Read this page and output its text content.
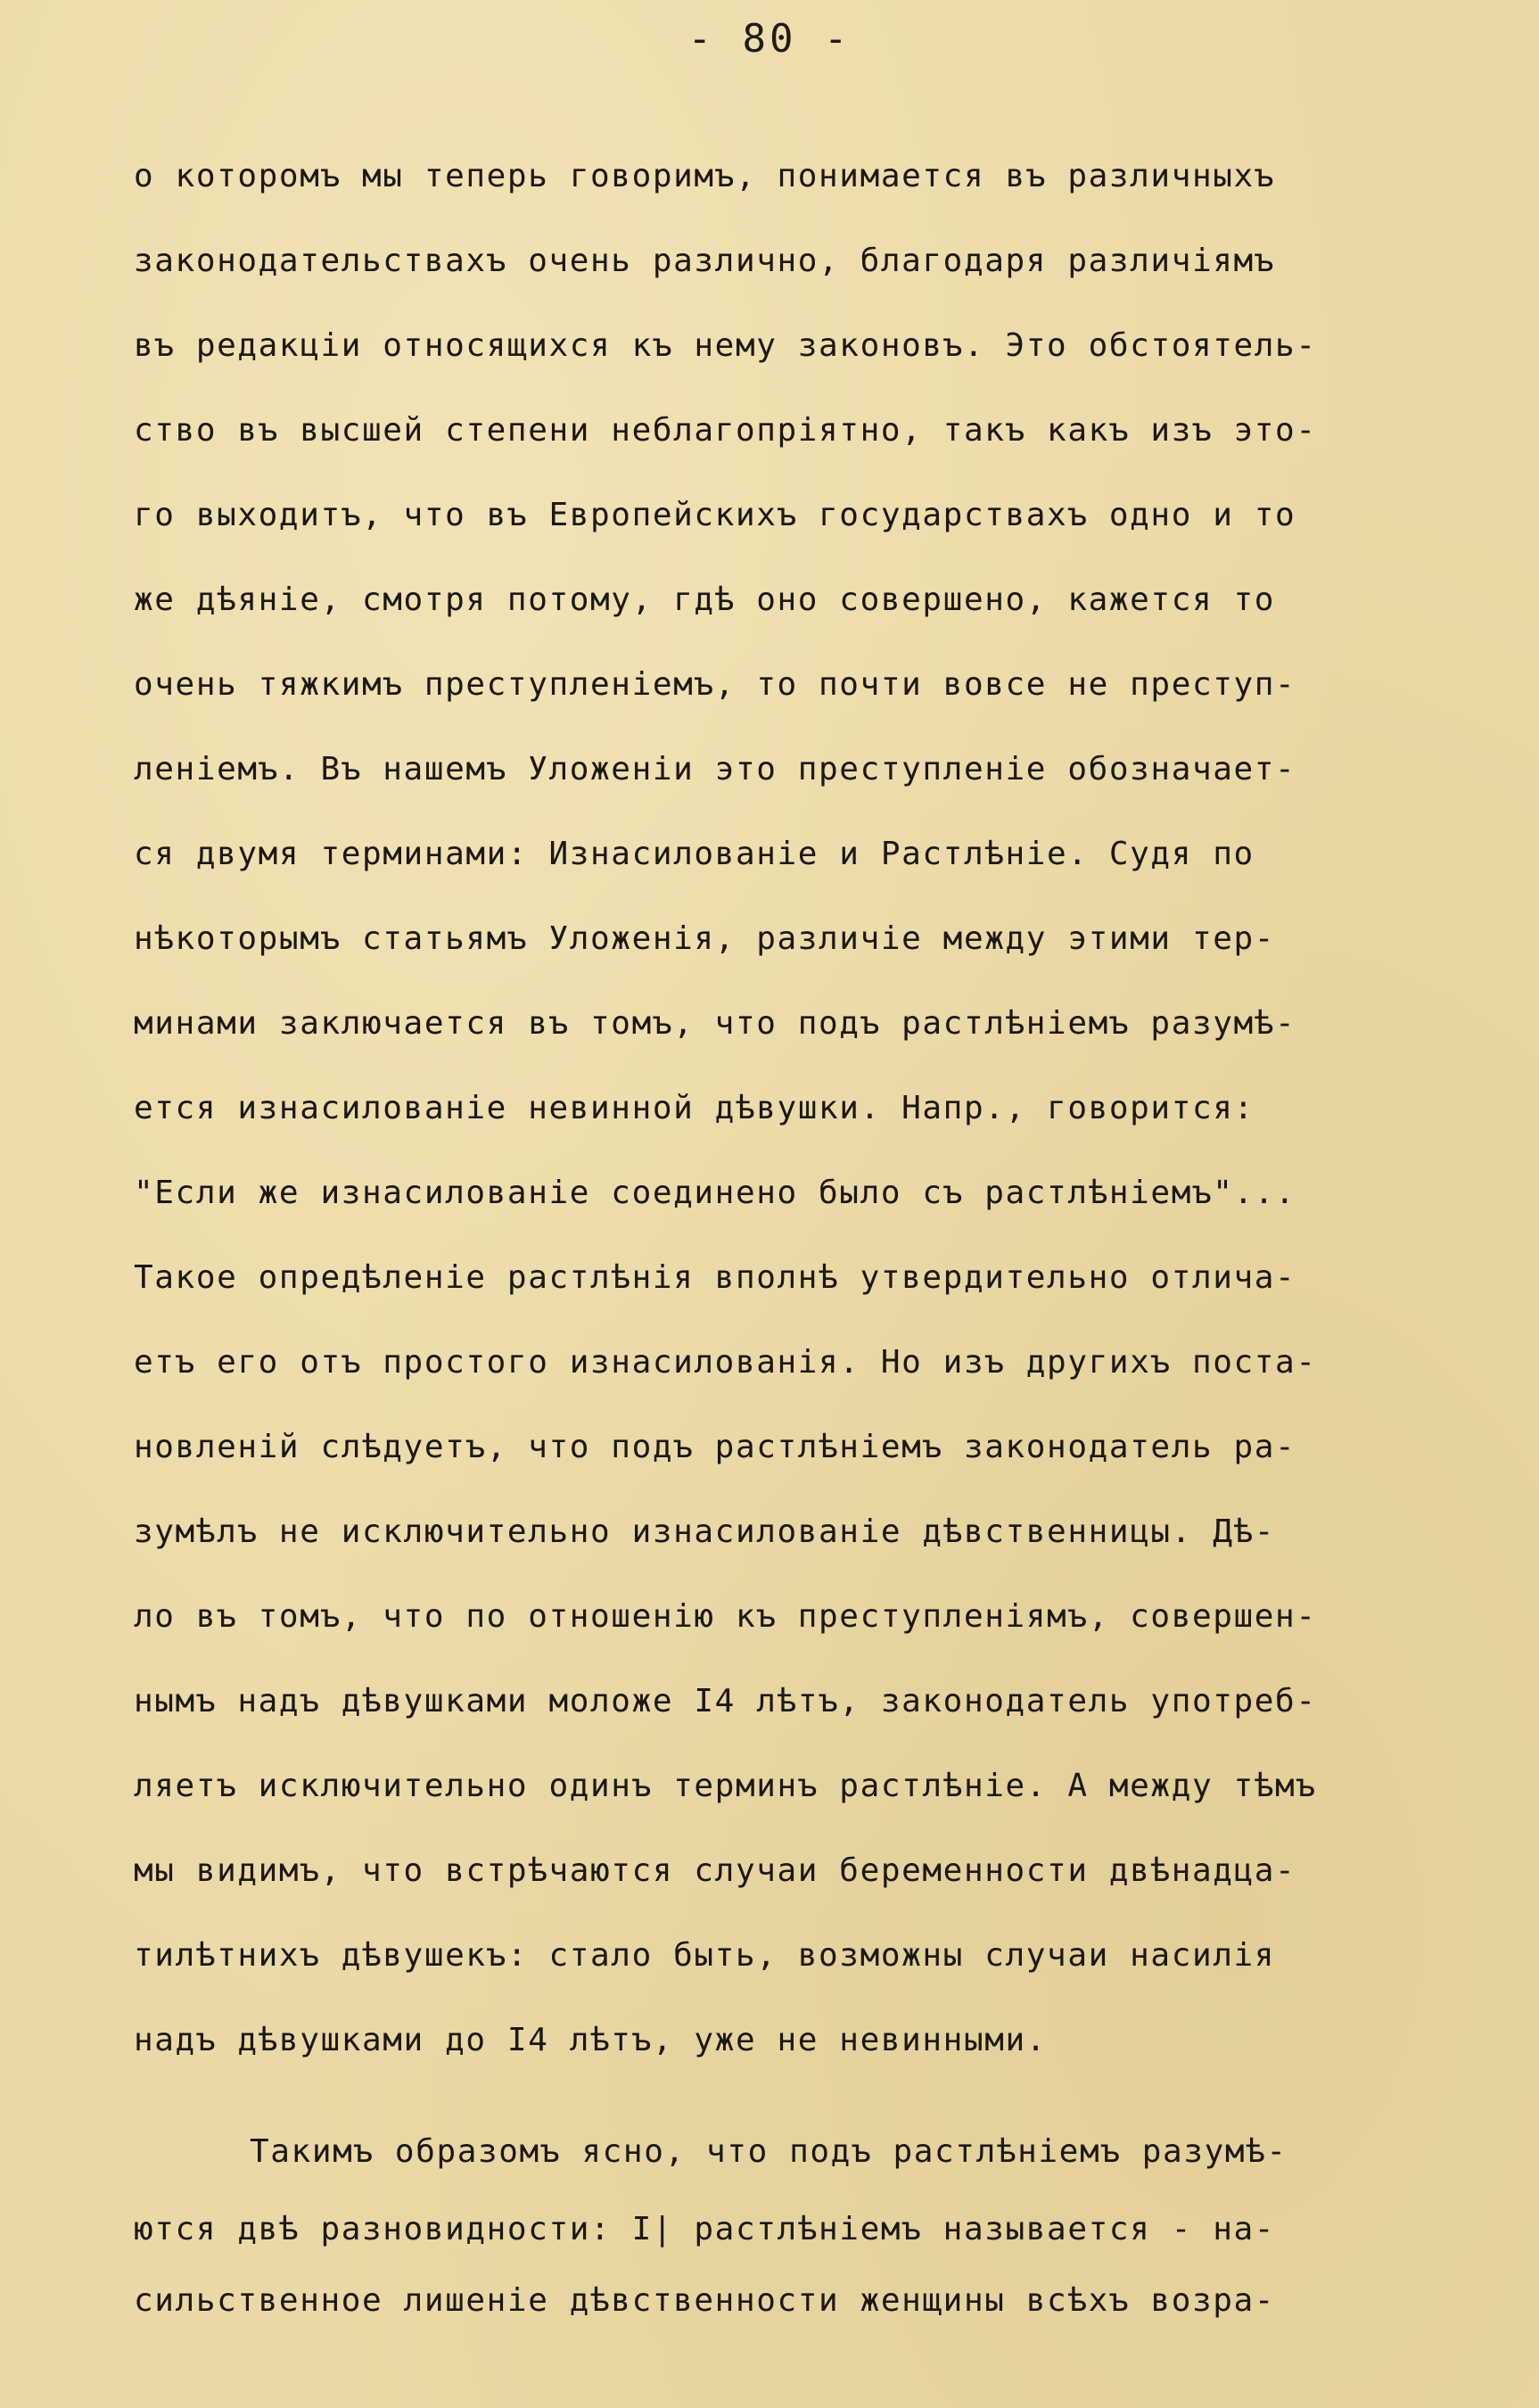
- 80 -
о которомъ мы теперь говоримъ, понимается въ различныхъ
законодательствахъ очень различно, благодаря различiямъ
въ редакцiи относящихся къ нему законовъ. Это обстоятель-
ство въ высшей степени неблагопрiятно, такъ какъ изъ это-
го выходитъ, что въ Европейскихъ государствахъ одно и то
же дѣянiе, смотря потому, гдѣ оно совершено, кажется то
очень тяжкимъ преступленiемъ, то почти вовсе не преступ-
ленiемъ. Въ нашемъ Уложенiи это преступленiе обозначает-
ся двумя терминами: Изнасилованiе и Растлѣнiе. Судя по
нѣкоторымъ статьямъ Уложенiя, различiе между этими тер-
минами заключается въ томъ, что подъ растлѣнiемъ разумѣ-
ется изнасилованiе невинной дѣвушки. Напр., говорится:
"Если же изнасилованiе соединено было съ растлѣнiемъ"...
Такое опредѣленiе растлѣнiя вполнѣ утвердительно отлича-
етъ его отъ простого изнасилованiя. Но изъ другихъ поста-
новленiй слѣдуетъ, что подъ растлѣнiемъ законодатель ра-
зумѣлъ не исключительно изнасилованiе дѣвственницы. Дѣ-
ло въ томъ, что по отношенiю къ преступленiямъ, совершен-
нымъ надъ дѣвушками моложе I4 лѣтъ, законодатель употреб-
ляетъ исключительно одинъ терминъ растлѣнiе. А между тѣмъ
мы видимъ, что встрѣчаются случаи беременности двѣнадца-
тилѣтнихъ дѣвушекъ: стало быть, возможны случаи насилiя
надъ дѣвушками до I4 лѣтъ, уже не невинными.
Такимъ образомъ ясно, что подъ растлѣнiемъ разумѣ-
ются двѣ разновидности: I| растлѣнiемъ называется - на-
сильственное лишенiе дѣвственности женщины всѣхъ возра-
